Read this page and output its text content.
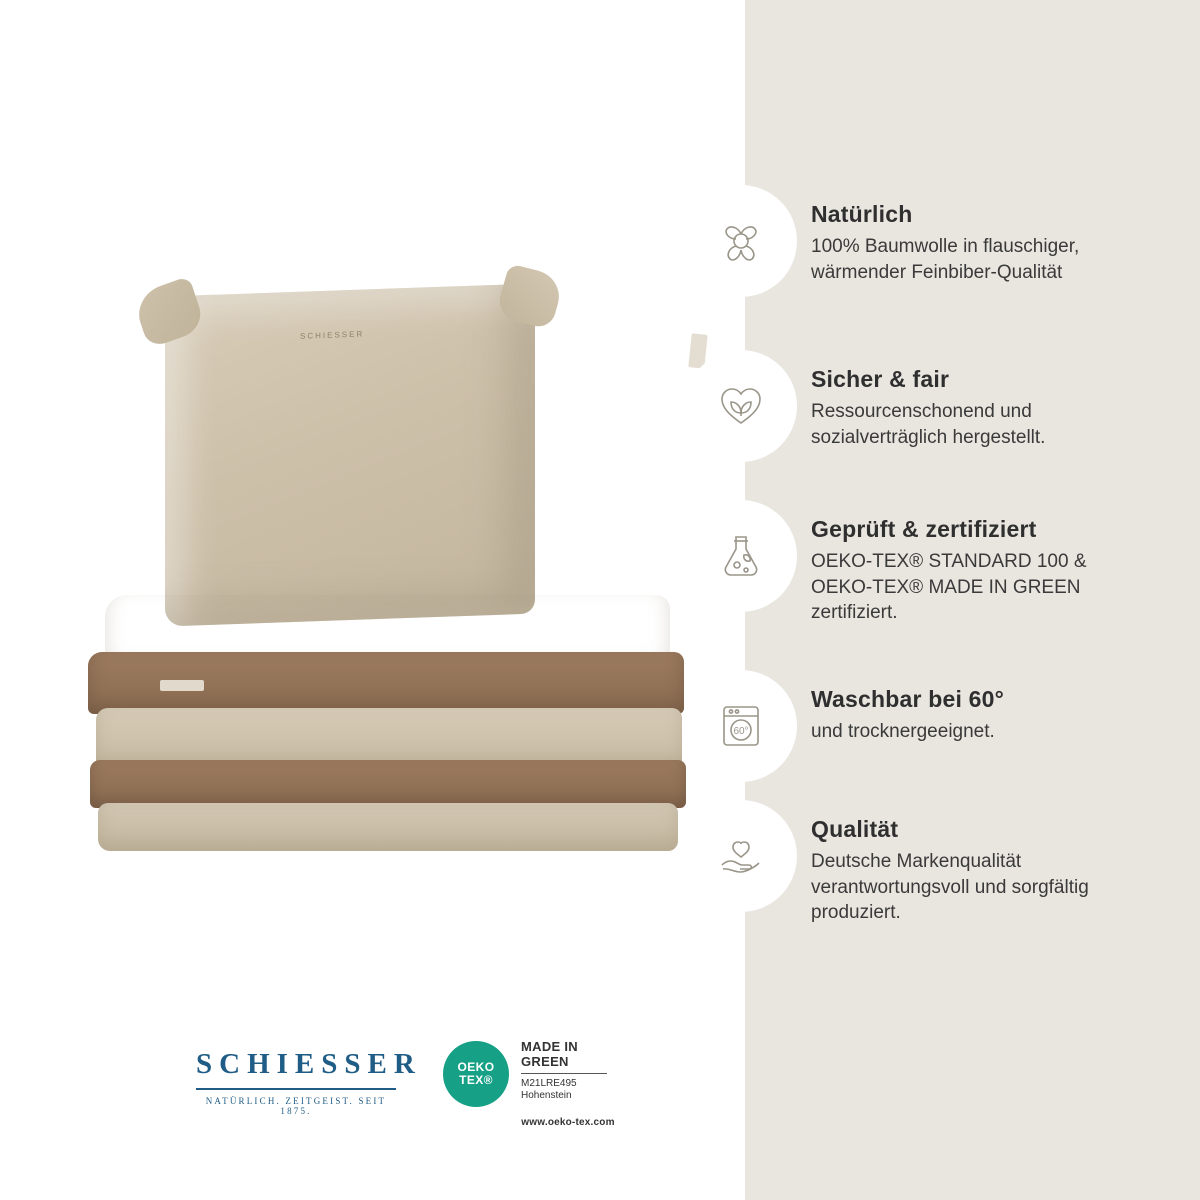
SCHIESSER

Natürlich

100% Baumwolle in flauschiger, wärmender Feinbiber-Qualität

Sicher & fair

Ressourcenschonend und sozialverträglich hergestellt.

Geprüft & zertifiziert

OEKO-TEX® STANDARD 100 & OEKO-TEX® MADE IN GREEN zertifiziert.

60°

Waschbar bei 60°

und trocknergeeignet.

Qualität

Deutsche Markenqualität verantwortungsvoll und sorgfältig produziert.

SCHIESSER
NATÜRLICH. ZEITGEIST. SEIT 1875.
OEKO
TEX®
MADE IN
GREEN
M21LRE495
Hohenstein
www.oeko-tex.com
